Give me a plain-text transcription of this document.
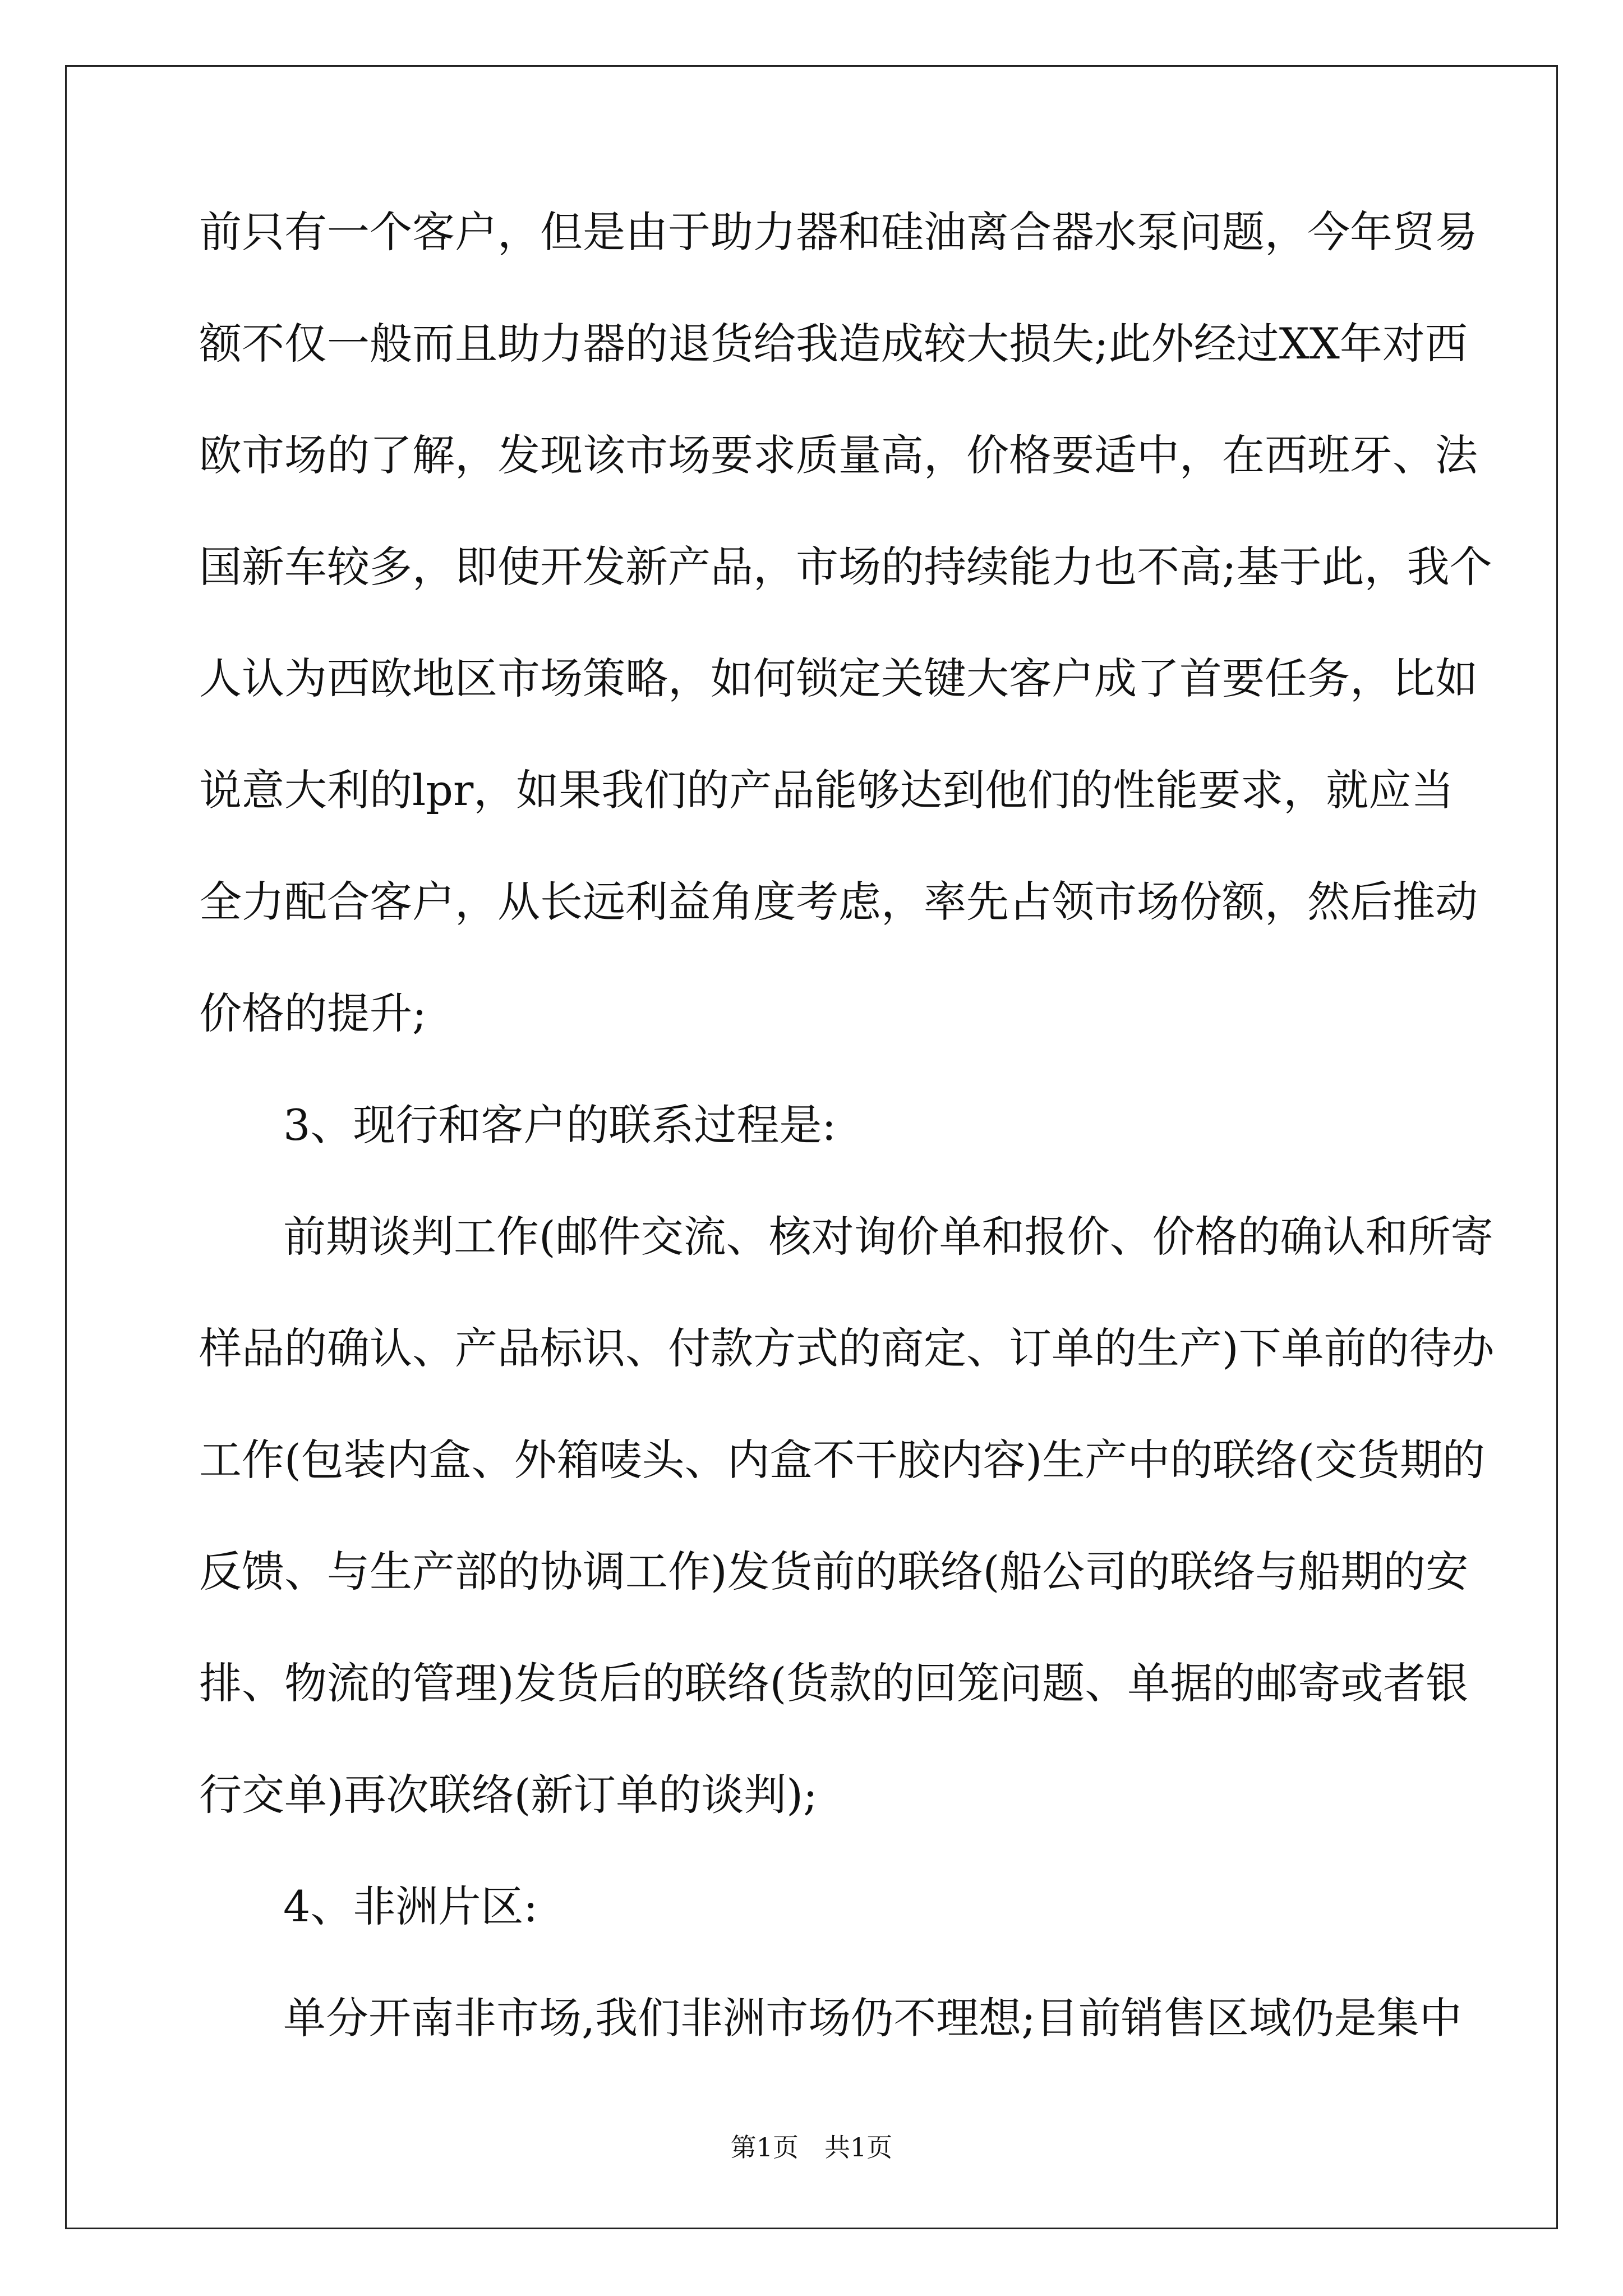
前只有一个客户，但是由于助力器和硅油离合器水泵问题，今年贸易
额不仅一般而且助力器的退货给我造成较大损失;此外经过XX年对西
欧市场的了解，发现该市场要求质量高，价格要适中，在西班牙、法
国新车较多，即使开发新产品，市场的持续能力也不高;基于此，我个
人认为西欧地区市场策略，如何锁定关键大客户成了首要任务，比如
说意大利的lpr，如果我们的产品能够达到他们的性能要求，就应当
全力配合客户，从长远利益角度考虑，率先占领市场份额，然后推动
价格的提升;
3、现行和客户的联系过程是:
前期谈判工作(邮件交流、核对询价单和报价、价格的确认和所寄
样品的确认、产品标识、付款方式的商定、订单的生产)下单前的待办
工作(包装内盒、外箱唛头、内盒不干胶内容)生产中的联络(交货期的
反馈、与生产部的协调工作)发货前的联络(船公司的联络与船期的安
排、物流的管理)发货后的联络(货款的回笼问题、单据的邮寄或者银
行交单)再次联络(新订单的谈判);
4、非洲片区:
单分开南非市场,我们非洲市场仍不理想;目前销售区域仍是集中
第1页　共1页
